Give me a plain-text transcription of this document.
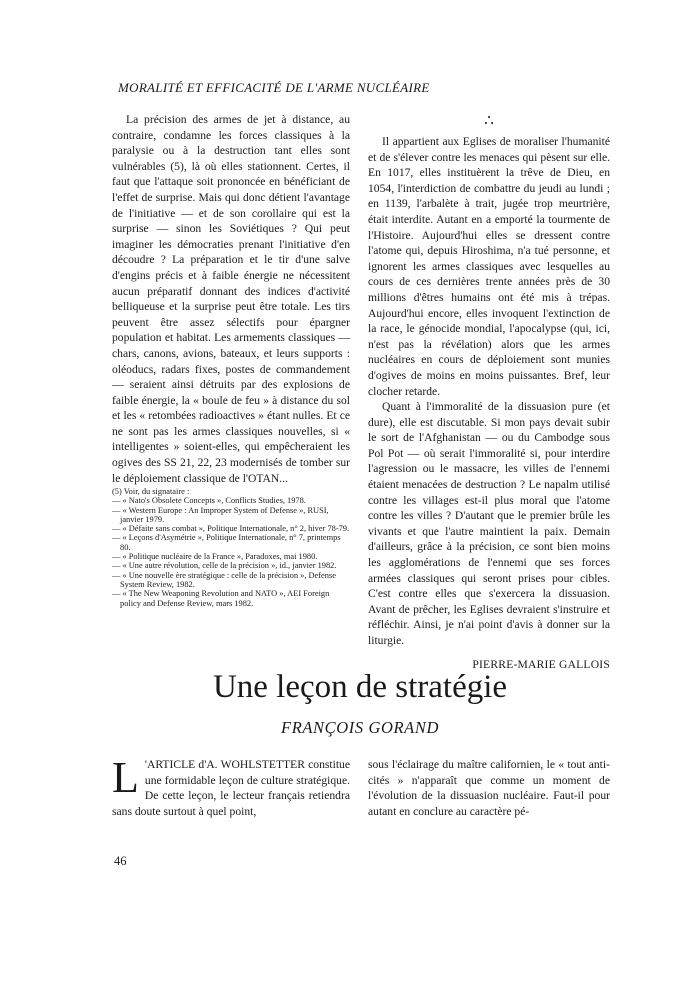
MORALITÉ ET EFFICACITÉ DE L'ARME NUCLÉAIRE

La précision des armes de jet à distance, au contraire, condamne les forces classiques à la paralysie ou à la destruction tant elles sont vulnérables (5), là où elles stationnent. Certes, il faut que l'attaque soit prononcée en bénéficiant de l'effet de surprise. Mais qui donc détient l'avantage de l'initiative — et de son corollaire qui est la surprise — sinon les Soviétiques ? Qui peut imaginer les démocraties prenant l'initiative d'en découdre ? La préparation et le tir d'une salve d'engins précis et à faible énergie ne nécessitent aucun préparatif donnant des indices d'activité belliqueuse et la surprise peut être totale. Les tirs peuvent être assez sélectifs pour épargner population et habitat. Les armements classiques — chars, canons, avions, bateaux, et leurs supports : oléoducs, radars fixes, postes de commandement — seraient ainsi détruits par des explosions de faible énergie, la « boule de feu » à distance du sol et les « retombées radioactives » étant nulles. Et ce ne sont pas les armes classiques nouvelles, si « intelligentes » soient-elles, qui empêcheraient les ogives des SS 21, 22, 23 modernisés de tomber sur le déploiement classique de l'OTAN...

(5) Voir, du signataire :

— « Nato's Obsolete Concepts », Conflicts Studies, 1978.

— « Western Europe : An Improper System of Defense », RUSI, janvier 1979.

— « Défaite sans combat », Politique Internationale, n° 2, hiver 78-79.

— « Leçons d'Asymétrie », Politique Internationale, n° 7, printemps 80.

— « Politique nucléaire de la France », Paradoxes, mai 1980.

— « Une autre révolution, celle de la précision », id., janvier 1982.

— « Une nouvelle ère stratégique : celle de la précision », Defense System Review, 1982.

— « The New Weaponing Revolution and NATO », AEI Foreign policy and Defense Review, mars 1982.

∴

Il appartient aux Eglises de moraliser l'humanité et de s'élever contre les menaces qui pèsent sur elle. En 1017, elles instituèrent la trêve de Dieu, en 1054, l'interdiction de combattre du jeudi au lundi ; en 1139, l'arbalète à trait, jugée trop meurtrière, était interdite. Autant en a emporté la tourmente de l'Histoire. Aujourd'hui elles se dressent contre l'atome qui, depuis Hiroshima, n'a tué personne, et ignorent les armes classiques avec lesquelles au cours de ces dernières trente années près de 30 millions d'êtres humains ont été mis à trépas. Aujourd'hui encore, elles invoquent l'extinction de la race, le génocide mondial, l'apocalypse (qui, ici, n'est pas la révélation) alors que les armes nucléaires en cours de déploiement sont munies d'ogives de moins en moins puissantes. Bref, leur clocher retarde.

Quant à l'immoralité de la dissuasion pure (et dure), elle est discutable. Si mon pays devait subir le sort de l'Afghanistan — ou du Cambodge sous Pol Pot — où serait l'immoralité si, pour interdire l'agression ou le massacre, les villes de l'ennemi étaient menacées de destruction ? Le napalm utilisé contre les villages est-il plus moral que l'atome contre les villes ? D'autant que le premier brûle les vivants et que l'autre maintient la paix. Demain d'ailleurs, grâce à la précision, ce sont bien moins les agglomérations de l'ennemi que ses forces armées classiques qui seront prises pour cibles. C'est contre elles que s'exercera la dissuasion. Avant de prêcher, les Eglises devraient s'instruire et réfléchir. Ainsi, je n'ai point d'avis à donner sur la liturgie.

PIERRE-MARIE GALLOIS
Une leçon de stratégie
FRANÇOIS GORAND
L 'ARTICLE d'A. WOHLSTETTER constitue une formidable leçon de culture stratégique. De cette leçon, le lecteur français retiendra sans doute surtout à quel point,

sous l'éclairage du maître californien, le « tout anti-cités » n'apparaît que comme un moment de l'évolution de la dissuasion nucléaire. Faut-il pour autant en conclure au caractère pé-

46
